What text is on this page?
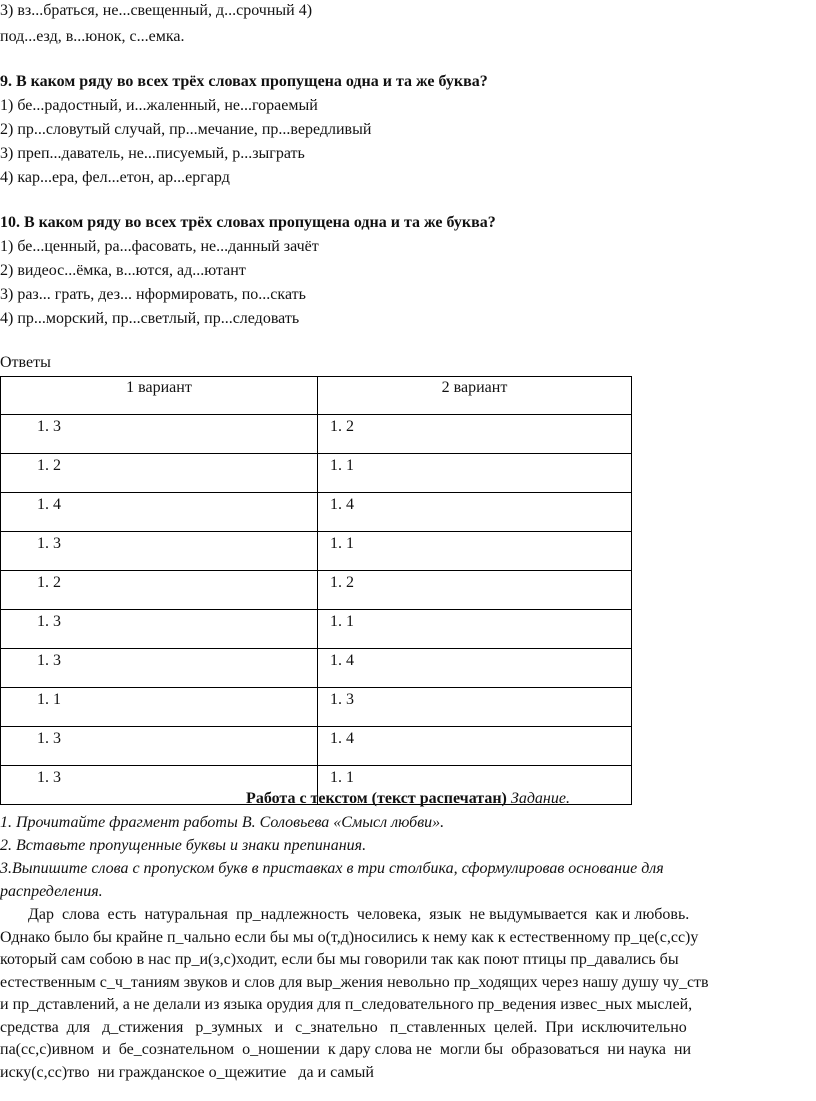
3) вз...браться, не...свещенный, д...срочный 4)
под...езд, в...юнок, с...емка.
9. В каком ряду во всех трёх словах пропущена одна и та же буква?
1) бе...радостный, и...жаленный, не...гораемый
2) пр...словутый случай, пр...мечание, пр...вередливый
3) преп...даватель, не...писуемый, р...зыграть
4) кар...ера, фел...етон, ар...ергард
10. В каком ряду во всех трёх словах пропущена одна и та же буква?
1) бе...ценный, ра...фасовать, не...данный зачёт
2) видеос...ёмка, в...ются, ад...ютант
3) раз... грать, дез... нформировать, по...скать
4) пр...морский, пр...светлый, пр...следовать
Ответы
1 вариант	2 вариант
1. 3	1. 2
1. 2	1. 1
1. 4	1. 4
1. 3	1. 1
1. 2	1. 2
1. 3	1. 1
1. 3	1. 4
1. 1	1. 3
1. 3	1. 4
1. 3	1. 1
Работа с текстом (текст распечатан) Задание.
1. Прочитайте фрагмент работы В. Соловьева «Смысл любви».
2. Вставьте пропущенные буквы и знаки препинания.
3.Выпишите слова с пропуском букв в приставках в три столбика, сформулировав основание для
распределения.
Дар  слова  есть  натуральная  пр_надлежность  человека,  язык  не выдумывается  как и любовь.
Однако было бы крайне п_чально если бы мы о(т,д)носились к нему как к естественному пр_це(с,сс)у
который сам собою в нас пр_и(з,с)ходит, если бы мы говорили так как поют птицы пр_давались бы
естественным с_ч_таниям звуков и слов для выр_жения невольно пр_ходящих через нашу душу чу_ств
и пр_дставлений, а не делали из языка орудия для п_следовательного пр_ведения извес_ных мыслей,
средства  для   д_стижения   р_зумных   и   с_знательно   п_ставленных  целей.  При  исключительно
па(сс,с)ивном  и  бе_сознательном  о_ношении  к дару слова не  могли бы  образоваться  ни наука  ни
иску(с,сс)тво  ни гражданское о_щежитие   да и самый
